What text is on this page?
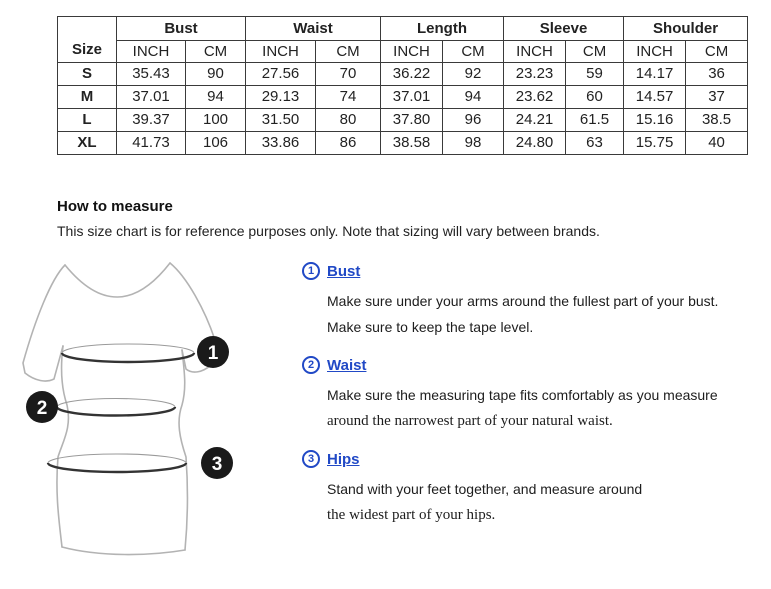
Size	Bust		Waist		Length		Sleeve		Shoulder	
	INCH	CM	INCH	CM	INCH	CM	INCH	CM	INCH	CM
S	35.43	90	27.56	70	36.22	92	23.23	59	14.17	36
M	37.01	94	29.13	74	37.01	94	23.62	60	14.57	37
L	39.37	100	31.50	80	37.80	96	24.21	61.5	15.16	38.5
XL	41.73	106	33.86	86	38.58	98	24.80	63	15.75	40
How to measure
This size chart is for reference purposes only. Note that sizing will vary between brands.
1
2
3
1 Bust
Make sure under your arms around the fullest part of your bust.
Make sure to keep the tape level.
2 Waist
Make sure the measuring tape fits comfortably as you measure
around the narrowest part of your natural waist.
3 Hips
Stand with your feet together, and measure around
the widest part of your hips.
